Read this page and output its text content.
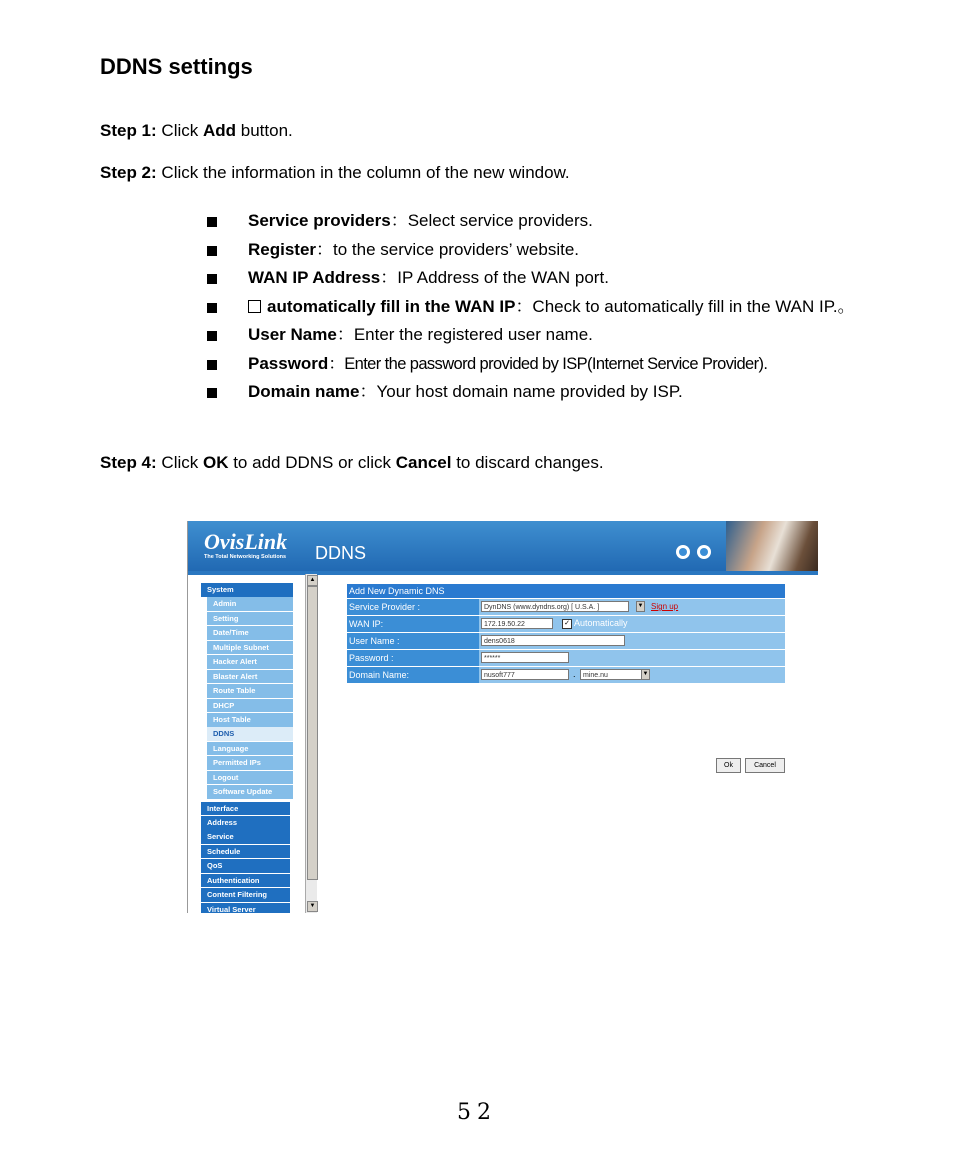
DDNS settings
Step 1: Click Add button.
Step 2: Click the information in the column of the new window.
Service providers：Select service providers.
Register：to the service providers’ website.
WAN IP Address：IP Address of the WAN port.
automatically fill in the WAN IP：Check to automatically fill in the WAN IP.。
User Name：Enter the registered user name.
Password：Enter the password provided by ISP(Internet Service Provider).
Domain name：Your host domain name provided by ISP.
Step 4: Click OK to add DDNS or click Cancel to discard changes.
OvisLink
The Total Networking Solutions DDNS
System
Admin
Setting
Date/Time
Multiple Subnet
Hacker Alert
Blaster Alert
Route Table
DHCP
Host Table
DDNS
Language
Permitted IPs
Logout
Software Update
Interface
Address
Service
Schedule
QoS
Authentication
Content Filtering
Virtual Server
▲
▼
Add New Dynamic DNS
Service Provider :	DynDNS (www.dyndns.org) [ U.S.A. ]	▼ Sign up
WAN IP:	172.19.50.22	✓ Automatically
User Name :	dens0618
Password :	******
Domain Name:	nusoft777	.	mine.nu	▼
Ok	Cancel
52
